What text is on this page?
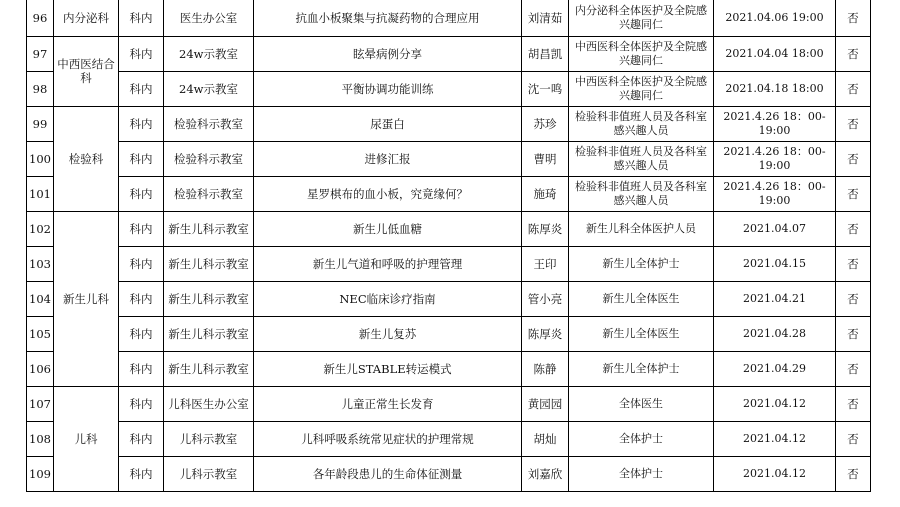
96	内分泌科	科内	医生办公室	抗血小板聚集与抗凝药物的合理应用	刘清茹	内分泌科全体医护及全院感兴趣同仁	2021.04.06 19:00	否
97	中西医结合科	科内	24w示教室	眩晕病例分享	胡昌凯	中西医科全体医护及全院感兴趣同仁	2021.04.04 18:00	否
98		科内	24w示教室	平衡协调功能训练	沈一鸣	中西医科全体医护及全院感兴趣同仁	2021.04.18 18:00	否
99	检验科	科内	检验科示教室	尿蛋白	苏珍	检验科非值班人员及各科室感兴趣人员	2021.4.26 18：00-19:00	否
100		科内	检验科示教室	进修汇报	曹明	检验科非值班人员及各科室感兴趣人员	2021.4.26 18：00-19:00	否
101		科内	检验科示教室	星罗棋布的血小板，究竟缘何？	施琦	检验科非值班人员及各科室感兴趣人员	2021.4.26 18：00-19:00	否
102	新生儿科	科内	新生儿科示教室	新生儿低血糖	陈厚炎	新生儿科全体医护人员	2021.04.07	否
103		科内	新生儿科示教室	新生儿气道和呼吸的护理管理	王印	新生儿全体护士	2021.04.15	否
104		科内	新生儿科示教室	NEC临床诊疗指南	管小亮	新生儿全体医生	2021.04.21	否
105		科内	新生儿科示教室	新生儿复苏	陈厚炎	新生儿全体医生	2021.04.28	否
106		科内	新生儿科示教室	新生儿STABLE转运模式	陈静	新生儿全体护士	2021.04.29	否
107	儿科	科内	儿科医生办公室	儿童正常生长发育	黄园园	全体医生	2021.04.12	否
108		科内	儿科示教室	儿科呼吸系统常见症状的护理常规	胡灿	全体护士	2021.04.12	否
109		科内	儿科示教室	各年龄段患儿的生命体征测量	刘嘉欣	全体护士	2021.04.12	否
